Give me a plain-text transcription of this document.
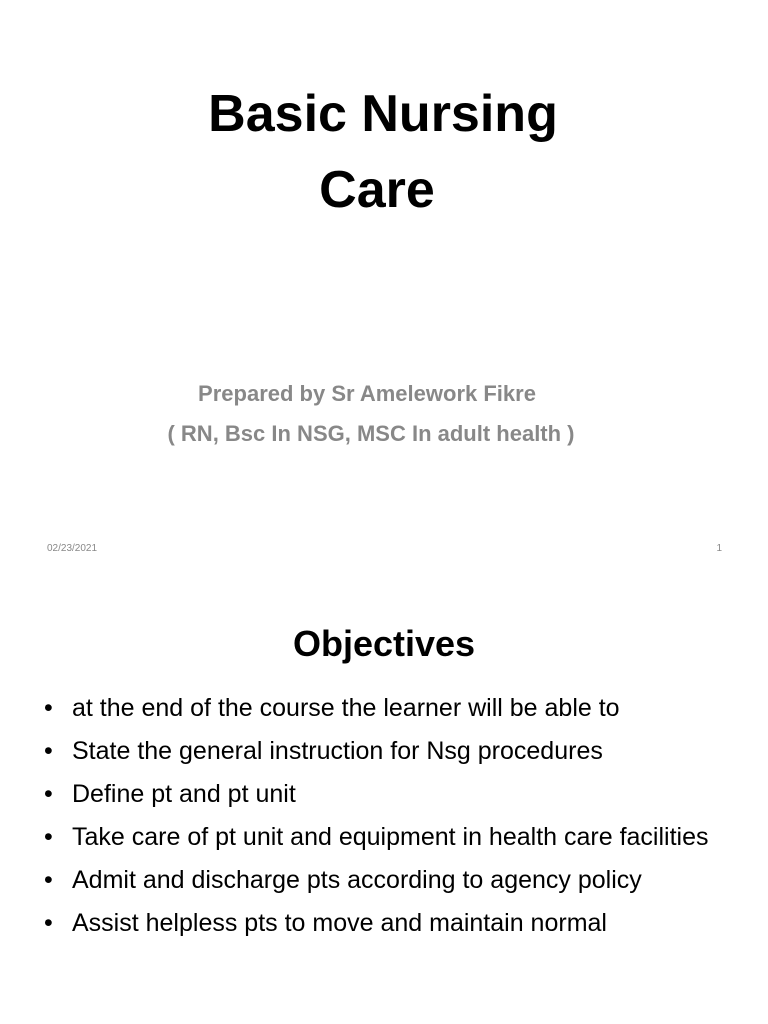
Basic Nursing
Care
Prepared by Sr Amelework Fikre
( RN, Bsc In NSG, MSC In adult health )
02/23/2021	1
Objectives
• at the end of the course the learner will be able to
• State the general instruction for Nsg procedures
• Define pt and pt unit
• Take care of pt unit and equipment in health care facilities
• Admit and discharge pts according to agency policy
• Assist helpless pts to move and maintain normal
